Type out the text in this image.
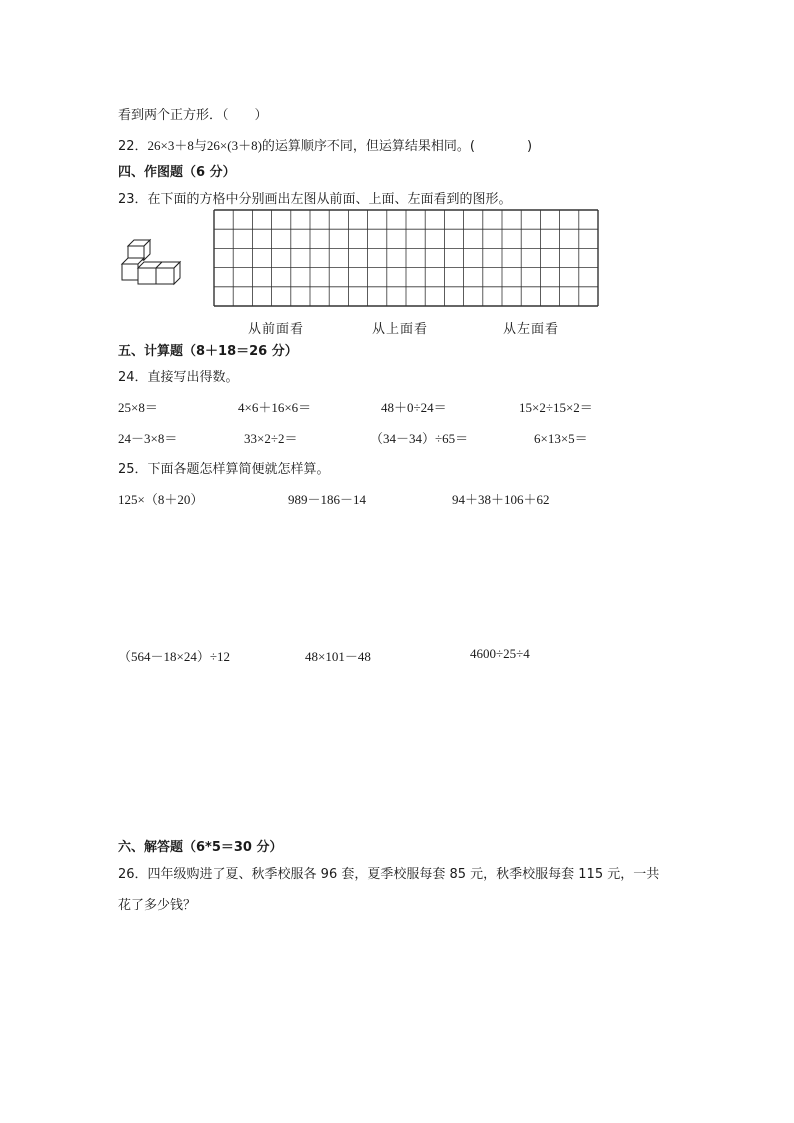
看到两个正方形．（　　）
22．26×3＋8与26×(3＋8)的运算顺序不同，但运算结果相同。(　　　　)
四、作图题（6 分）
23．在下面的方格中分别画出左图从前面、上面、左面看到的图形。
从前面看	从上面看	从左面看
五、计算题（8＋18＝26 分）
24．直接写出得数。
25×8＝	4×6＋16×6＝	48＋0÷24＝	15×2÷15×2＝
24－3×8＝	33×2÷2＝	（34－34）÷65＝	6×13×5＝
25．下面各题怎样算简便就怎样算。
125×（8＋20）	989－186－14	94＋38＋106＋62
（564－18×24）÷12	48×101－48	4600÷25÷4
六、解答题（6*5＝30 分）
26．四年级购进了夏、秋季校服各 96 套，夏季校服每套 85 元，秋季校服每套 115 元，一共
花了多少钱？
